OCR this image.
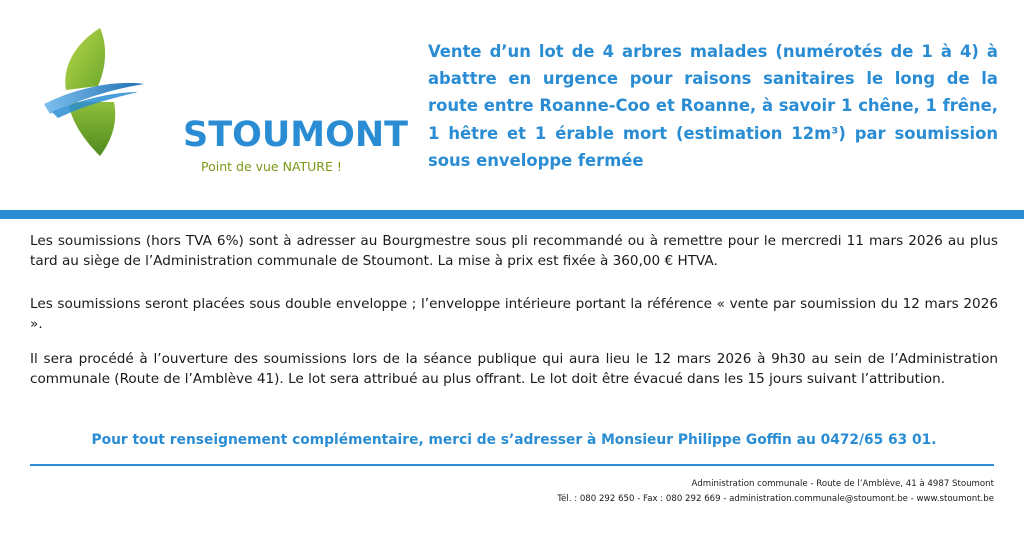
STOUMONT
Point de vue NATURE !
Vente d’un lot de 4 arbres malades (numérotés de 1 à 4) à abattre en urgence pour raisons sanitaires le long de la route entre Roanne-Coo et Roanne, à savoir 1 chêne, 1 frêne, 1 hêtre et 1 érable mort (estimation 12m³) par soumission sous enveloppe fermée

Les soumissions (hors TVA 6%) sont à adresser au Bourgmestre sous pli recommandé ou à remettre pour le mercredi 11 mars 2026 au plus tard au siège de l’Administration communale de Stoumont. La mise à prix est fixée à 360,00 € HTVA.

Les soumissions seront placées sous double enveloppe ; l’enveloppe intérieure portant la référence « vente par soumission du 12 mars 2026 ».

Il sera procédé à l’ouverture des soumissions lors de la séance publique qui aura lieu le 12 mars 2026 à 9h30 au sein de l’Administration communale (Route de l’Amblève 41). Le lot sera attribué au plus offrant. Le lot doit être évacué dans les 15 jours suivant l’attribution.

Pour tout renseignement complémentaire, merci de s’adresser à Monsieur Philippe Goffin au 0472/65 63 01.
Administration communale - Route de l’Amblève, 41 à 4987 Stoumont
Tél. : 080 292 650 - Fax : 080 292 669 - administration.communale@stoumont.be - www.stoumont.be
